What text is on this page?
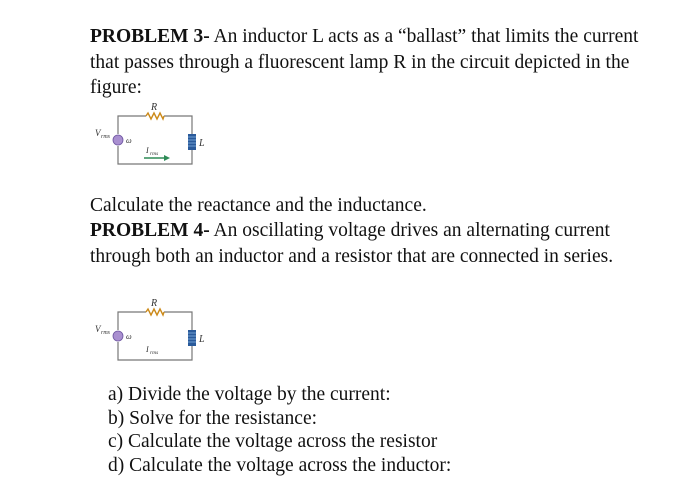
PROBLEM 3- An inductor L acts as a “ballast” that limits the current that passes through a fluorescent lamp R in the circuit depicted in the figure:

R
L
V rms ω
I rms

Calculate the reactance and the inductance.

PROBLEM 4- An oscillating voltage drives an alternating current through both an inductor and a resistor that are connected in series.

R
L
V rms ω
I rms
a) Divide the voltage by the current:
b) Solve for the resistance:
c) Calculate the voltage across the resistor
d) Calculate the voltage across the inductor:
